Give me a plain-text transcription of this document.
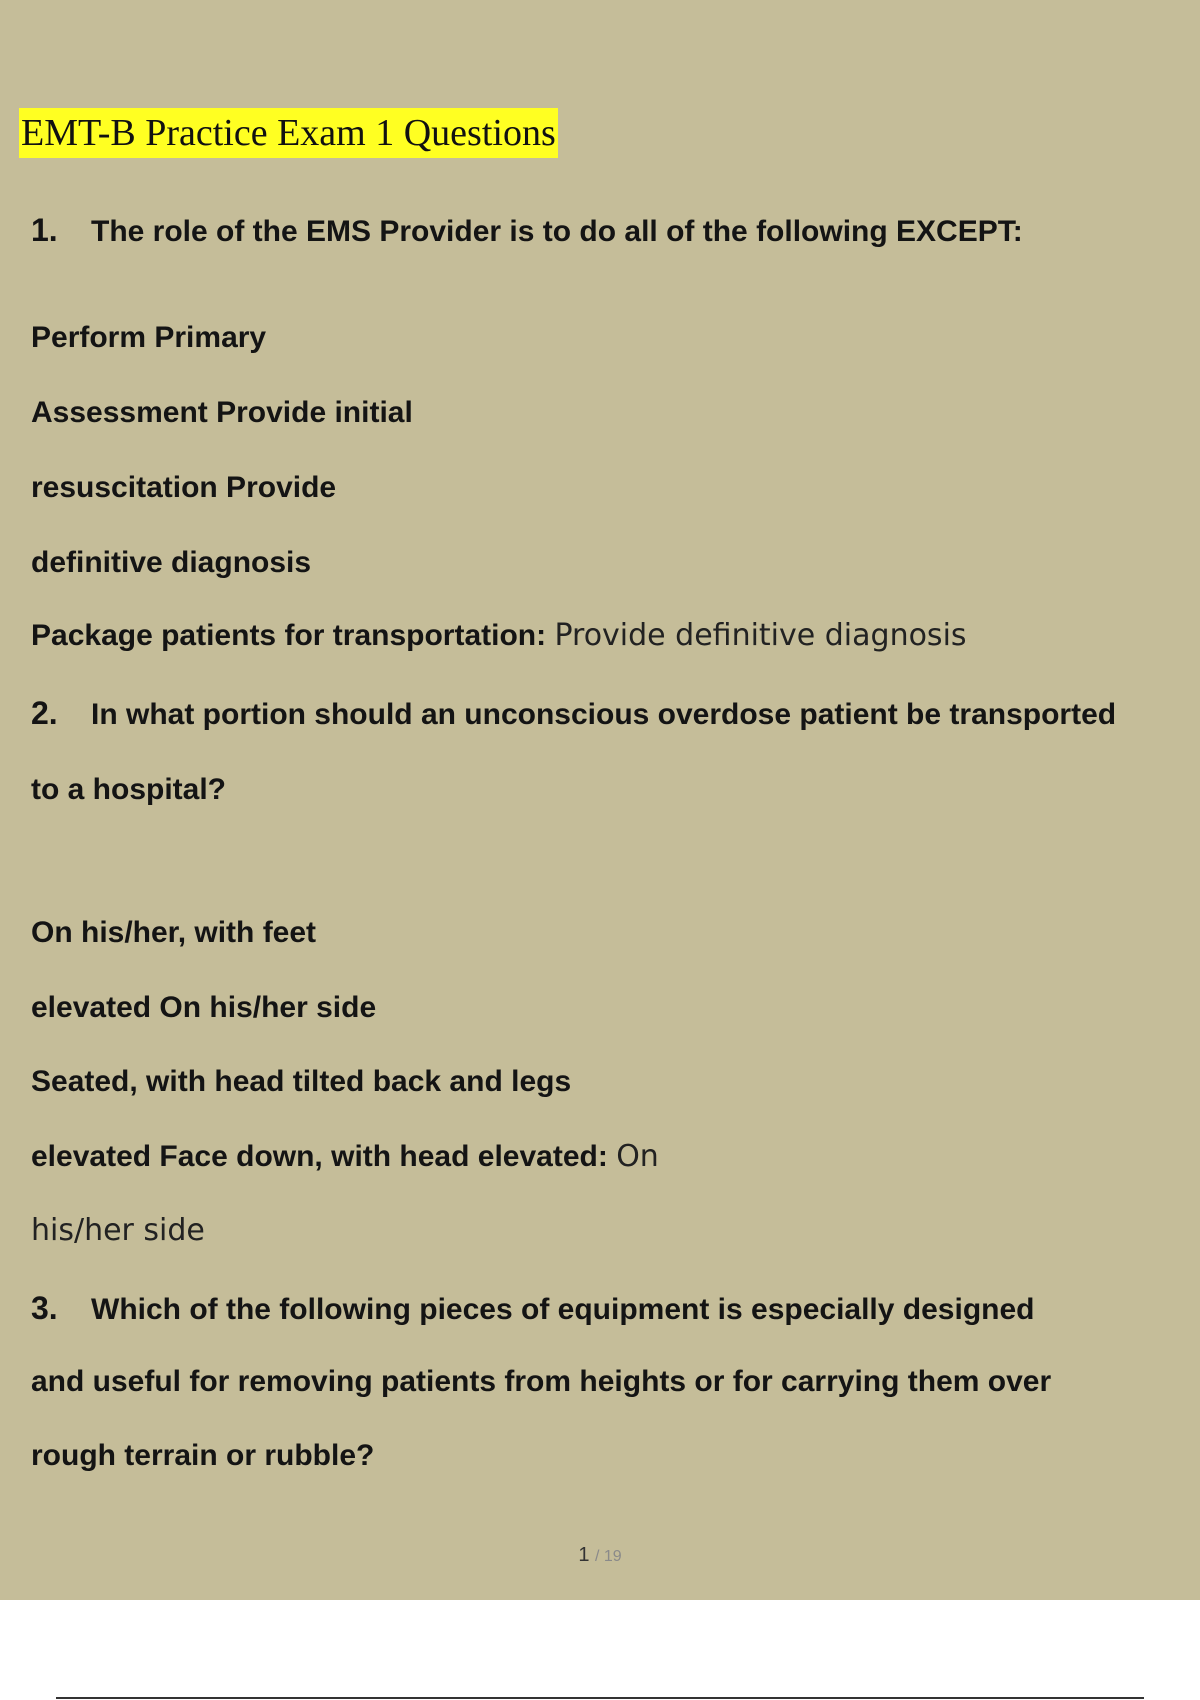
EMT-B Practice Exam 1 Questions
1. The role of the EMS Provider is to do all of the following EXCEPT:
Perform Primary
Assessment Provide initial
resuscitation Provide
definitive diagnosis
Package patients for transportation: Provide definitive diagnosis
2. In what portion should an unconscious overdose patient be transported
to a hospital?
On his/her, with feet
elevated On his/her side
Seated, with head tilted back and legs
elevated Face down, with head elevated: On
his/her side
3. Which of the following pieces of equipment is especially designed
and useful for removing patients from heights or for carrying them over
rough terrain or rubble?
1 / 19
